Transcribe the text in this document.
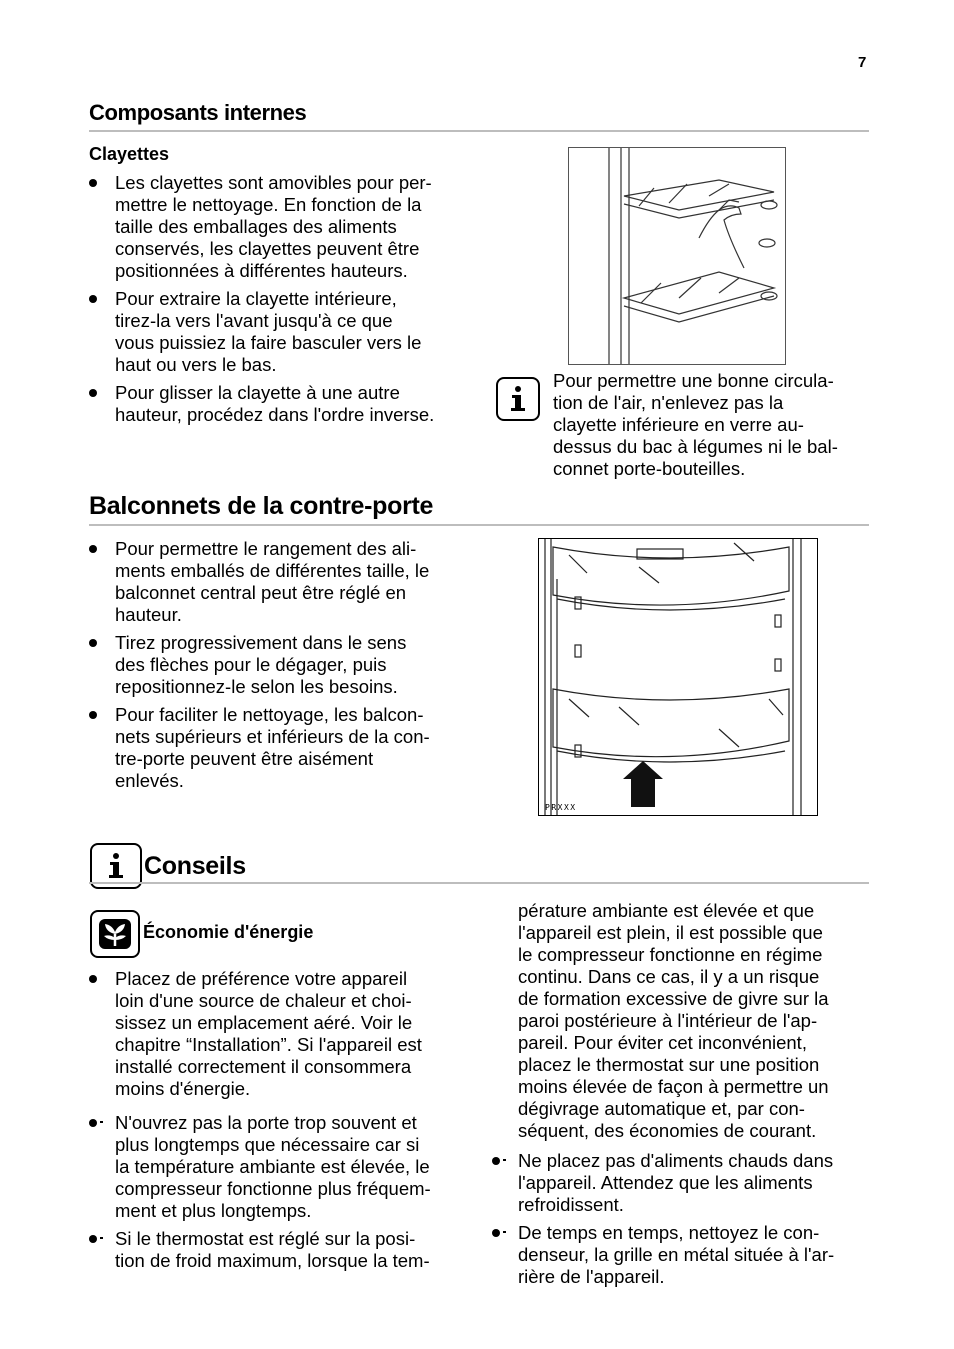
7
Composants internes
Clayettes
Les clayettes sont amovibles pour per-
mettre le nettoyage. En fonction de la
taille des emballages des aliments
conservés, les clayettes peuvent être
positionnées à différentes hauteurs.
Pour extraire la clayette intérieure,
tirez-la vers l'avant jusqu'à ce que
vous puissiez la faire basculer vers le
haut ou vers le bas.
Pour glisser la clayette à une autre
hauteur, procédez dans l'ordre inverse.
Pour permettre une bonne circula-
tion de l'air, n'enlevez pas la
clayette inférieure en verre au-
dessus du bac à légumes ni le bal-
connet porte-bouteilles.
Balconnets de la contre-porte
Pour permettre le rangement des ali-
ments emballés de différentes taille, le
balconnet central peut être réglé en
hauteur.
Tirez progressivement dans le sens
des flèches pour le dégager, puis
repositionnez-le selon les besoins.
Pour faciliter le nettoyage, les balcon-
nets supérieurs et inférieurs de la con-
tre-porte peuvent être aisément
enlevés.
PRXXX
Conseils
Économie d'énergie
Placez de préférence votre appareil
loin d'une source de chaleur et choi-
sissez un emplacement aéré. Voir le
chapitre “Installation”. Si l'appareil est
installé correctement il consommera
moins d'énergie.
N'ouvrez pas la porte trop souvent et
plus longtemps que nécessaire car si
la température ambiante est élevée, le
compresseur fonctionne plus fréquem-
ment et plus longtemps.
Si le thermostat est réglé sur la posi-
tion de froid maximum, lorsque la tem-
pérature ambiante est élevée et que
l'appareil est plein, il est possible que
le compresseur fonctionne en régime
continu. Dans ce cas, il y a un risque
de formation excessive de givre sur la
paroi postérieure à l'intérieur de l'ap-
pareil. Pour éviter cet inconvénient,
placez le thermostat sur une position
moins élevée de façon à permettre un
dégivrage automatique et, par con-
séquent, des économies de courant.
Ne placez pas d'aliments chauds dans
l'appareil. Attendez que les aliments
refroidissent.
De temps en temps, nettoyez le con-
denseur, la grille en métal située à l'ar-
rière de l'appareil.
